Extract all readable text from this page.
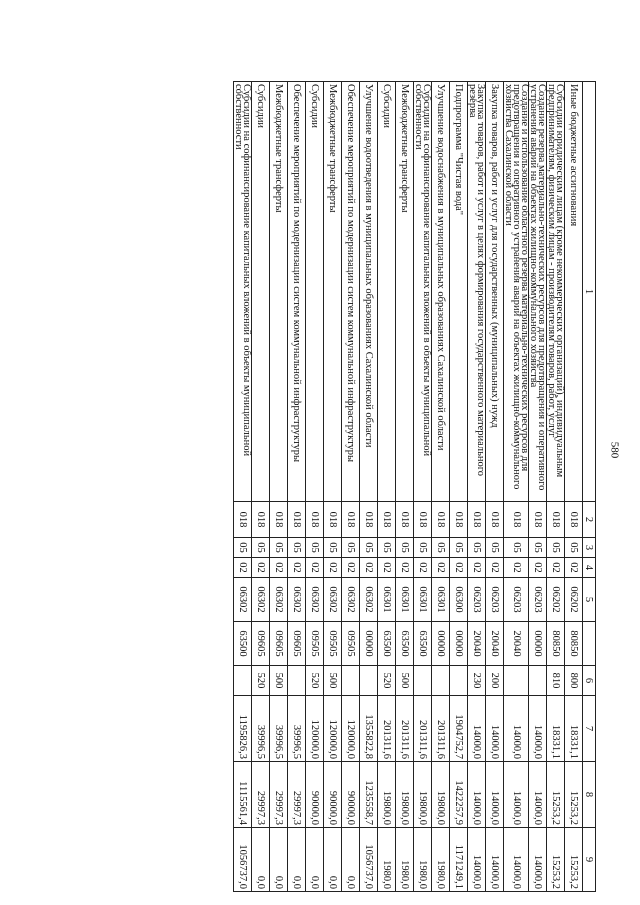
580
1	2	3	4	5		6	7	8	9
Иные бюджетные ассигнования	018	05	02	06202	80850	800	18331,1	15253,2	15253,2
Субсидии юридическим лицам (кроме некоммерческих организаций), индивидуальным предпринимателям, физическим лицам - производителям товаров, работ, услуг	018	05	02	06202	80850	810	18331,1	15253,2	15253,2
Создание резерва материально-технических ресурсов для предотвращения и оперативного устранения аварий на объектах жилищно-коммунального хозяйства	018	05	02	06203	00000		14000,0	14000,0	14000,0
Создание и использование областного резерва материально-технических ресурсов для предотвращения и оперативного устранения аварий на объектах жилищно-коммунального хозяйства Сахалинской области	018	05	02	06203	20040		14000,0	14000,0	14000,0
Закупка товаров, работ и услуг для государственных (муниципальных) нужд	018	05	02	06203	20040	200	14000,0	14000,0	14000,0
Закупка товаров, работ и услуг в целях формирования государственного материального резерва	018	05	02	06203	20040	230	14000,0	14000,0	14000,0
Подпрограмма "Чистая вода"	018	05	02	06300	00000		1904752,7	1422257,9	1171249,1
Улучшение водоснабжения в муниципальных образованиях Сахалинской области	018	05	02	06301	00000		201311,6	19800,0	1980,0
Субсидии на софинансирование капитальных вложений в объекты муниципальной собственности	018	05	02	06301	63500		201311,6	19800,0	1980,0
Межбюджетные трансферты	018	05	02	06301	63500	500	201311,6	19800,0	1980,0
Субсидии	018	05	02	06301	63500	520	201311,6	19800,0	1980,0
Улучшение водоотведения в муниципальных образованиях Сахалинской области	018	05	02	06302	00000		1355822,8	1235558,7	1056737,0
Обеспечение мероприятий по модернизации систем коммунальной инфраструктуры	018	05	02	06302	09505		120000,0	90000,0	0,0
Межбюджетные трансферты	018	05	02	06302	09505	500	120000,0	90000,0	0,0
Субсидии	018	05	02	06302	09505	520	120000,0	90000,0	0,0
Обеспечение мероприятий по модернизации систем коммунальной инфраструктуры	018	05	02	06302	09605		39996,5	29997,3	0,0
Межбюджетные трансферты	018	05	02	06302	09605	500	39996,5	29997,3	0,0
Субсидии	018	05	02	06302	09605	520	39996,5	29997,3	0,0
Субсидии на софинансирование капитальных вложений в объекты муниципальной собственности	018	05	02	06302	63500		1195826,3	1115561,4	1056737,0
